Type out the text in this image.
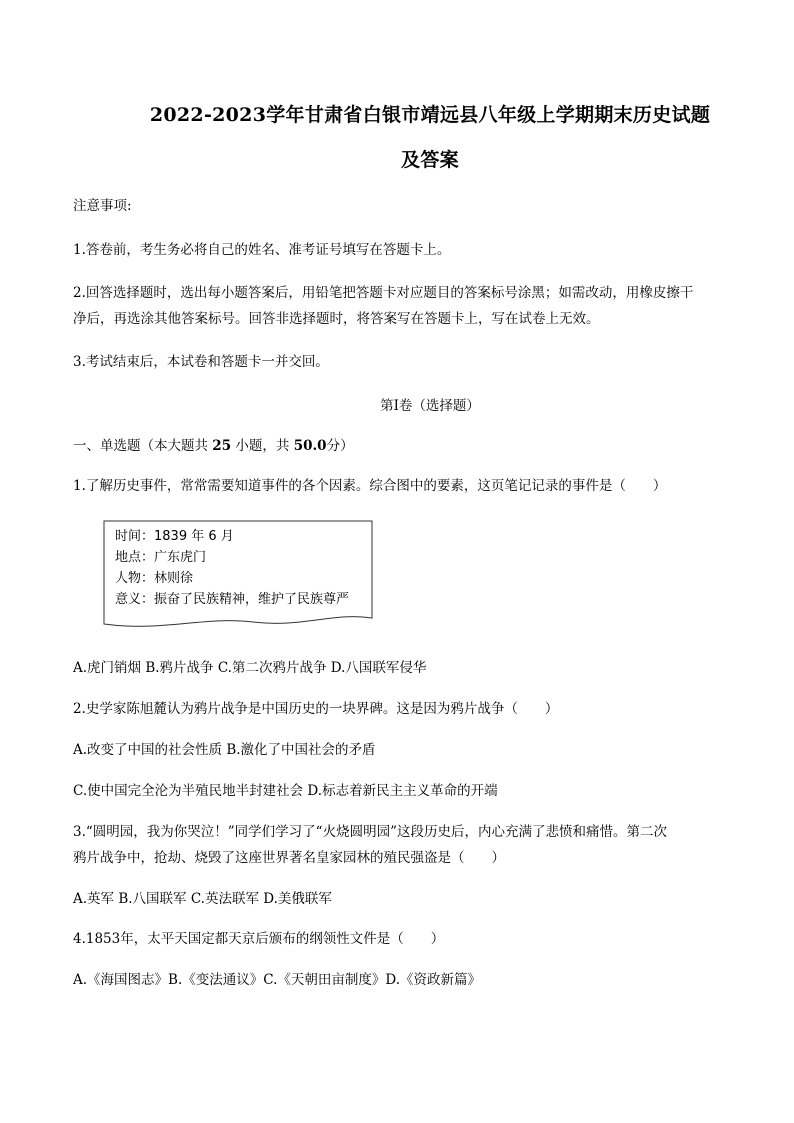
2022-2023学年甘肃省白银市靖远县八年级上学期期末历史试题
及答案
注意事项:
1.答卷前，考生务必将自己的姓名、准考证号填写在答题卡上。
2.回答选择题时，选出每小题答案后，用铅笔把答题卡对应题目的答案标号涂黑；如需改动，用橡皮擦干
净后，再选涂其他答案标号。回答非选择题时，将答案写在答题卡上，写在试卷上无效。
3.考试结束后，本试卷和答题卡一并交回。
第Ⅰ卷（选择题）
一、单选题（本大题共 25 小题，共 50.0分）
1.了解历史事件，常常需要知道事件的各个因素。综合图中的要素，这页笔记记录的事件是（　　）
时间：1839 年 6 月
地点：广东虎门
人物：林则徐
意义：振奋了民族精神，维护了民族尊严
A.虎门销烟 B.鸦片战争 C.第二次鸦片战争 D.八国联军侵华
2.史学家陈旭麓认为鸦片战争是中国历史的一块界碑。这是因为鸦片战争（　　）
A.改变了中国的社会性质 B.激化了中国社会的矛盾
C.使中国完全沦为半殖民地半封建社会 D.标志着新民主主义革命的开端
3.“圆明园，我为你哭泣！”同学们学习了“火烧圆明园”这段历史后，内心充满了悲愤和痛惜。第二次
鸦片战争中，抢劫、烧毁了这座世界著名皇家园林的殖民强盗是（　　）
A.英军 B.八国联军 C.英法联军 D.美俄联军
4.1853年，太平天国定都天京后颁布的纲领性文件是（　　）
A.《海国图志》B.《变法通议》C.《天朝田亩制度》D.《资政新篇》
